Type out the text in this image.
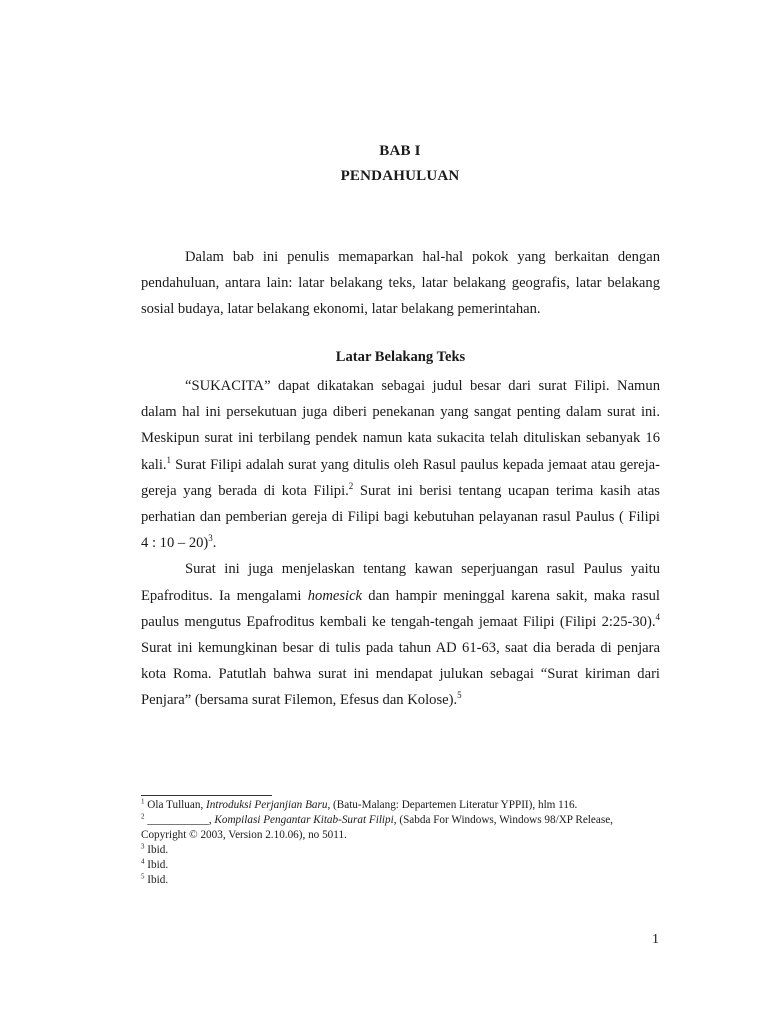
BAB I
PENDAHULUAN

Dalam bab ini penulis memaparkan hal-hal pokok yang berkaitan dengan pendahuluan, antara lain: latar belakang teks, latar belakang geografis, latar belakang sosial budaya, latar belakang ekonomi, latar belakang pemerintahan.

Latar Belakang Teks

“SUKACITA” dapat dikatakan sebagai judul besar dari surat Filipi. Namun dalam hal ini persekutuan juga diberi penekanan yang sangat penting dalam surat ini. Meskipun surat ini terbilang pendek namun kata sukacita telah dituliskan sebanyak 16 kali.$^1$ Surat Filipi adalah surat yang ditulis oleh Rasul paulus kepada jemaat atau gereja-gereja yang berada di kota Filipi.$^2$ Surat ini berisi tentang ucapan terima kasih atas perhatian dan pemberian gereja di Filipi bagi kebutuhan pelayanan rasul Paulus ( Filipi 4 : 10 – 20)$^3$.

Surat ini juga menjelaskan tentang kawan seperjuangan rasul Paulus yaitu Epafroditus. Ia mengalami homesick dan hampir meninggal karena sakit, maka rasul paulus mengutus Epafroditus kembali ke tengah-tengah jemaat Filipi (Filipi 2:25-30).$^4$ Surat ini kemungkinan besar di tulis pada tahun AD 61-63, saat dia berada di penjara kota Roma. Patutlah bahwa surat ini mendapat julukan sebagai “Surat kiriman dari Penjara” (bersama surat Filemon, Efesus dan Kolose).$^5$

$^1$ Ola Tulluan, Introduksi Perjanjian Baru, (Batu-Malang: Departemen Literatur YPPII), hlm 116.

$^2$ ___________, Kompilasi Pengantar Kitab-Surat Filipi, (Sabda For Windows, Windows 98/XP Release, Copyright © 2003, Version 2.10.06), no 5011.

$^3$ Ibid.

$^4$ Ibid.

$^5$ Ibid.

1
